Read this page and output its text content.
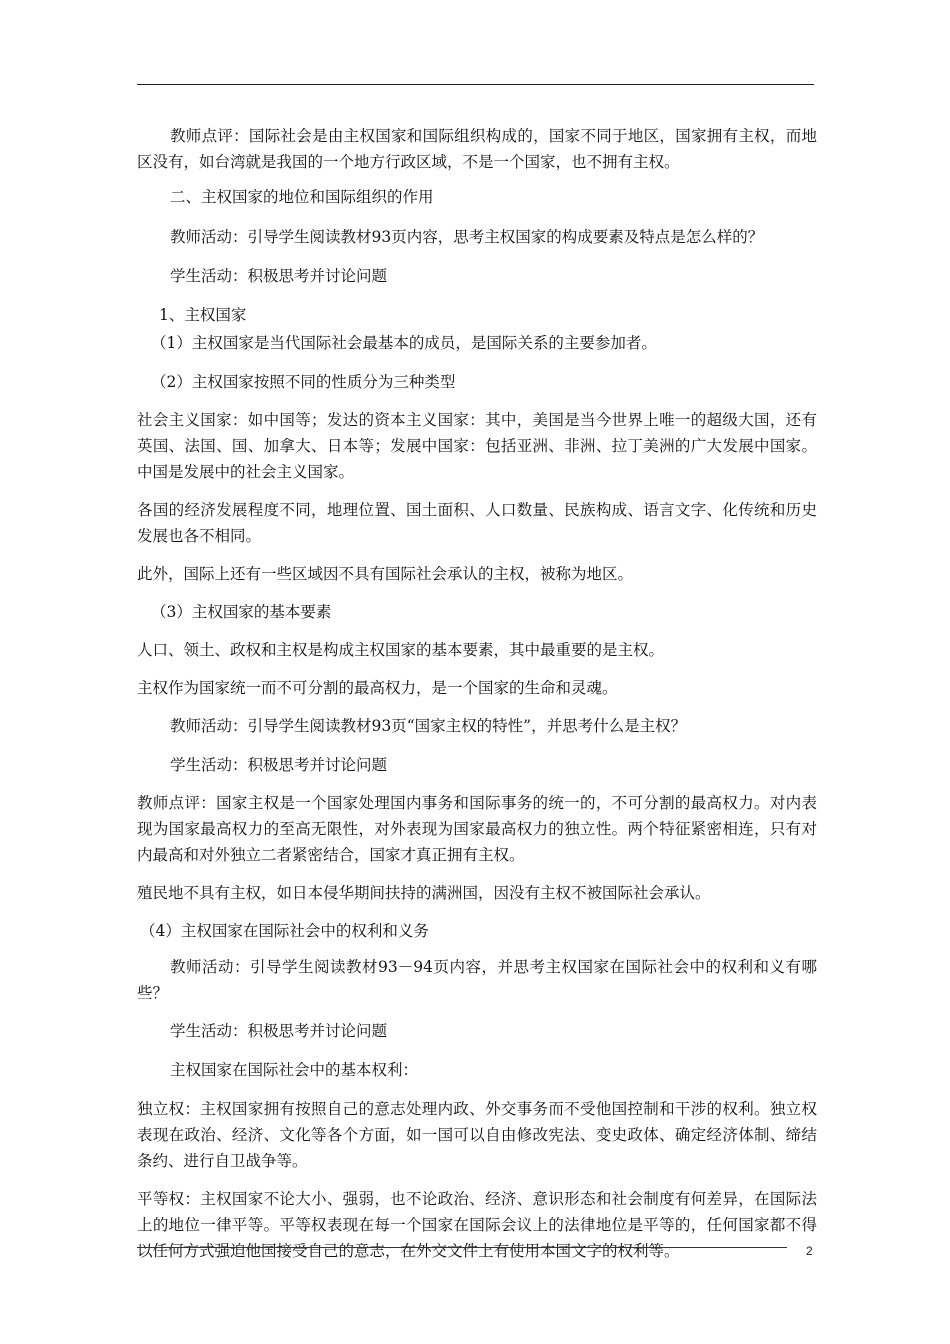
教师点评：国际社会是由主权国家和国际组织构成的，国家不同于地区，国家拥有主权，而地区没有，如台湾就是我国的一个地方行政区域，不是一个国家，也不拥有主权。

二、主权国家的地位和国际组织的作用

教师活动：引导学生阅读教材93页内容，思考主权国家的构成要素及特点是怎么样的？

学生活动：积极思考并讨论问题

1、主权国家

（1）主权国家是当代国际社会最基本的成员，是国际关系的主要参加者。

（2）主权国家按照不同的性质分为三种类型

社会主义国家：如中国等；发达的资本主义国家：其中，美国是当今世界上唯一的超级大国，还有英国、法国、国、加拿大、日本等；发展中国家：包括亚洲、非洲、拉丁美洲的广大发展中国家。中国是发展中的社会主义国家。

各国的经济发展程度不同，地理位置、国土面积、人口数量、民族构成、语言文字、化传统和历史发展也各不相同。

此外，国际上还有一些区域因不具有国际社会承认的主权，被称为地区。

（3）主权国家的基本要素

人口、领土、政权和主权是构成主权国家的基本要素，其中最重要的是主权。

主权作为国家统一而不可分割的最高权力，是一个国家的生命和灵魂。

教师活动：引导学生阅读教材93页“国家主权的特性”，并思考什么是主权？

学生活动：积极思考并讨论问题

教师点评：国家主权是一个国家处理国内事务和国际事务的统一的，不可分割的最高权力。对内表现为国家最高权力的至高无限性，对外表现为国家最高权力的独立性。两个特征紧密相连，只有对内最高和对外独立二者紧密结合，国家才真正拥有主权。

殖民地不具有主权，如日本侵华期间扶持的满洲国，因没有主权不被国际社会承认。

（4）主权国家在国际社会中的权利和义务

教师活动：引导学生阅读教材93－94页内容，并思考主权国家在国际社会中的权利和义有哪些？

学生活动：积极思考并讨论问题

主权国家在国际社会中的基本权利：

独立权：主权国家拥有按照自己的意志处理内政、外交事务而不受他国控制和干涉的权利。独立权表现在政治、经济、文化等各个方面，如一国可以自由修改宪法、变史政体、确定经济体制、缔结条约、进行自卫战争等。

平等权：主权国家不论大小、强弱，也不论政治、经济、意识形态和社会制度有何差异，在国际法上的地位一律平等。平等权表现在每一个国家在国际会议上的法律地位是平等的，任何国家都不得以任何方式强迫他国接受自己的意志，在外交文件上有使用本国文字的权利等。	2
